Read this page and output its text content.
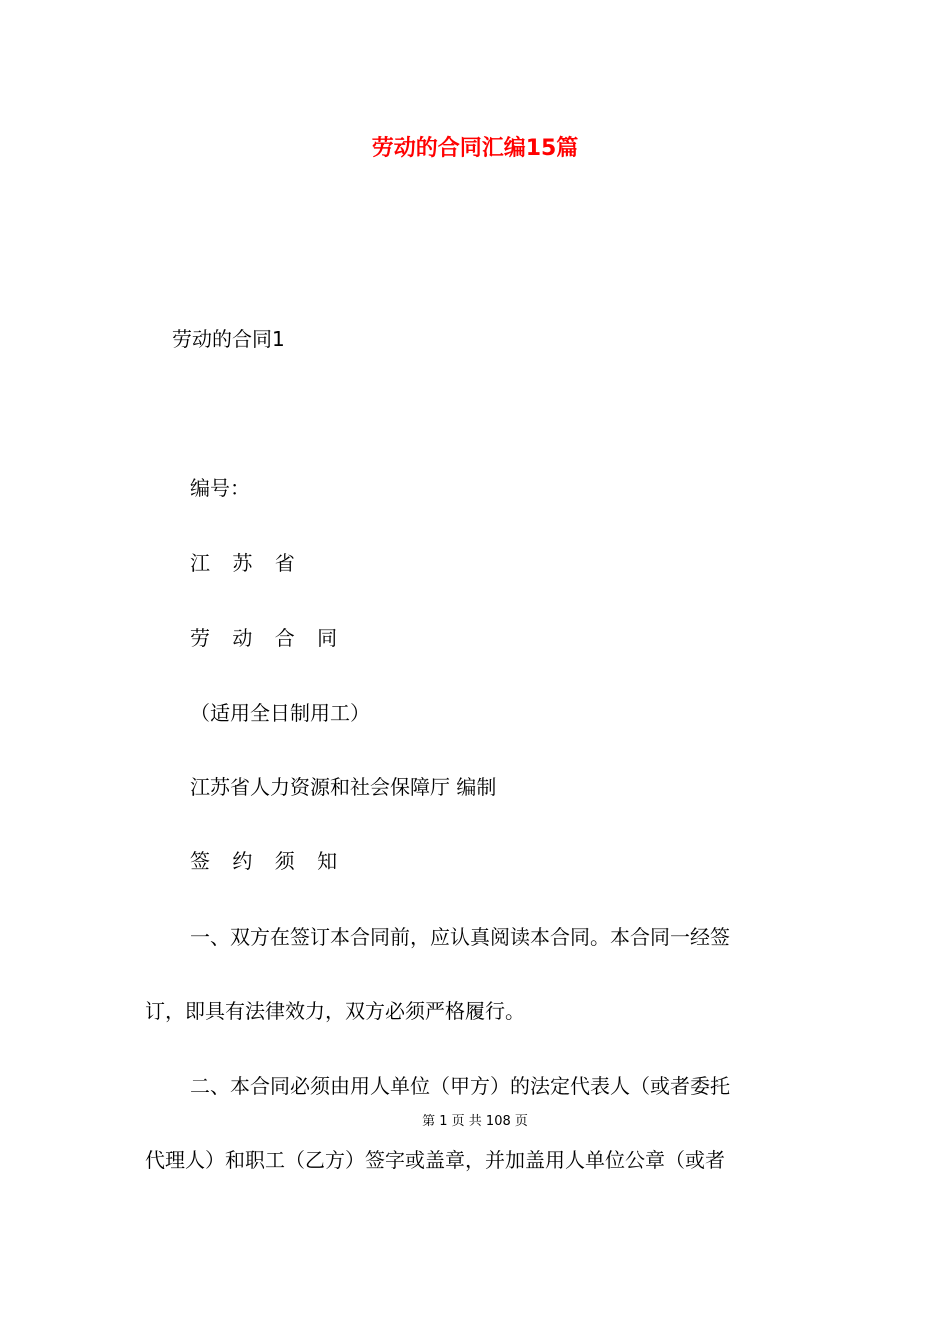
劳动的合同汇编15篇
劳动的合同1
编号：
江 苏 省
劳 动 合 同
（适用全日制用工）
江苏省人力资源和社会保障厅 编制
签 约 须 知
一、双方在签订本合同前，应认真阅读本合同。本合同一经签
订，即具有法律效力，双方必须严格履行。
二、本合同必须由用人单位（甲方）的法定代表人（或者委托
第 1 页 共 108 页
代理人）和职工（乙方）签字或盖章，并加盖用人单位公章（或者
